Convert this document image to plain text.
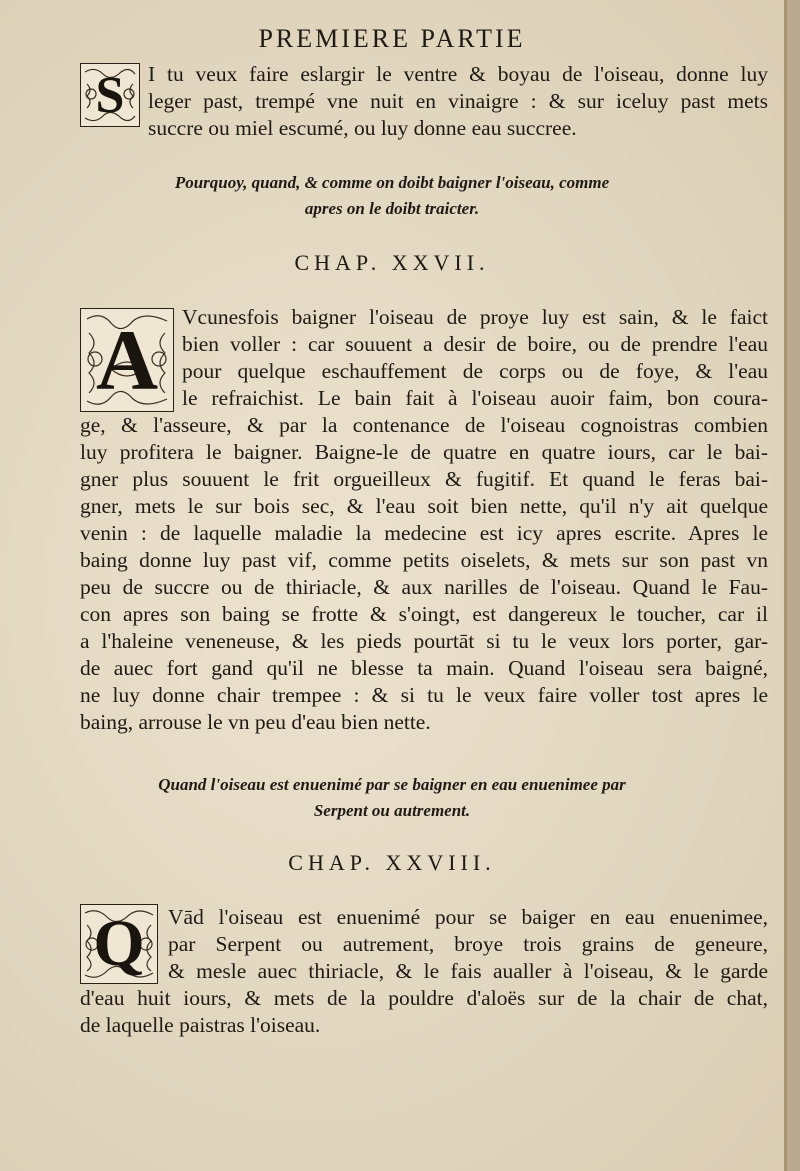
PREMIERE PARTIE
S I tu veux faire eslargir le ventre & boyau de l'oiseau, donne luy
leger past, trempé vne nuit en vinaigre : & sur iceluy past mets
succre ou miel escumé, ou luy donne eau succree.
Pourquoy, quand, & comme on doibt baigner l'oiseau, comme
apres on le doibt traicter.
CHAP. XXVII.
A Vcunesfois baigner l'oiseau de proye luy est sain, & le faict
bien voller : car souuent a desir de boire, ou de prendre l'eau
pour quelque eschauffement de corps ou de foye, & l'eau
le refraichist. Le bain fait à l'oiseau auoir faim, bon coura-
ge, & l'asseure, & par la contenance de l'oiseau cognoistras combien
luy profitera le baigner. Baigne-le de quatre en quatre iours, car le bai-
gner plus souuent le frit orgueilleux & fugitif. Et quand le feras bai-
gner, mets le sur bois sec, & l'eau soit bien nette, qu'il n'y ait quelque
venin : de laquelle maladie la medecine est icy apres escrite. Apres le
baing donne luy past vif, comme petits oiselets, & mets sur son past vn
peu de succre ou de thiriacle, & aux narilles de l'oiseau. Quand le Fau-
con apres son baing se frotte & s'oingt, est dangereux le toucher, car il
a l'haleine veneneuse, & les pieds pourtāt si tu le veux lors porter, gar-
de auec fort gand qu'il ne blesse ta main. Quand l'oiseau sera baigné,
ne luy donne chair trempee : & si tu le veux faire voller tost apres le
baing, arrouse le vn peu d'eau bien nette.
Quand l'oiseau est enuenimé par se baigner en eau enuenimee par
Serpent ou autrement.
CHAP. XXVIII.
Q Vād l'oiseau est enuenimé pour se baiger en eau enuenimee,
par Serpent ou autrement, broye trois grains de geneure,
& mesle auec thiriacle, & le fais aualler à l'oiseau, & le garde
d'eau huit iours, & mets de la pouldre d'aloës sur de la chair de chat,
de laquelle paistras l'oiseau.
